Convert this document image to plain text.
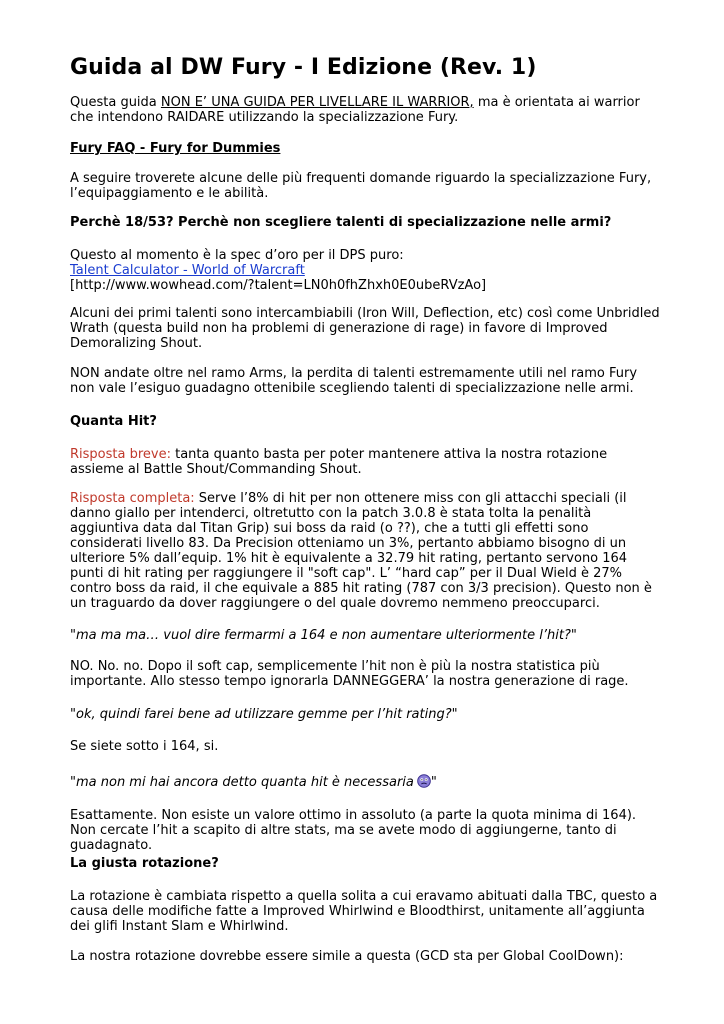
Guida al DW Fury - I Edizione (Rev. 1)

Questa guida NON E’ UNA GUIDA PER LIVELLARE IL WARRIOR, ma è orientata ai warrior che intendono RAIDARE utilizzando la specializzazione Fury.

Fury FAQ - Fury for Dummies

A seguire troverete alcune delle più frequenti domande riguardo la specializzazione Fury, l’equipaggiamento e le abilità.

Perchè 18/53? Perchè non scegliere talenti di specializzazione nelle armi?

Questo al momento è la spec d’oro per il DPS puro:
Talent Calculator - World of Warcraft
[http://www.wowhead.com/?talent=LN0h0fhZhxh0E0ubeRVzAo]

Alcuni dei primi talenti sono intercambiabili (Iron Will, Deflection, etc) così come Unbridled Wrath (questa build non ha problemi di generazione di rage) in favore di Improved Demoralizing Shout.

NON andate oltre nel ramo Arms, la perdita di talenti estremamente utili nel ramo Fury non vale l’esiguo guadagno ottenibile scegliendo talenti di specializzazione nelle armi.

Quanta Hit?

Risposta breve: tanta quanto basta per poter mantenere attiva la nostra rotazione assieme al Battle Shout/Commanding Shout.

Risposta completa: Serve l’8% di hit per non ottenere miss con gli attacchi speciali (il danno giallo per intenderci, oltretutto con la patch 3.0.8 è stata tolta la penalità aggiuntiva data dal Titan Grip) sui boss da raid (o ??), che a tutti gli effetti sono considerati livello 83. Da Precision otteniamo un 3%, pertanto abbiamo bisogno di un ulteriore 5% dall’equip. 1% hit è equivalente a 32.79 hit rating, pertanto servono 164 punti di hit rating per raggiungere il "soft cap". L’ “hard cap” per il Dual Wield è 27% contro boss da raid, il che equivale a 885 hit rating (787 con 3/3 precision). Questo non è un traguardo da dover raggiungere o del quale dovremo nemmeno preoccuparci.

"ma ma ma… vuol dire fermarmi a 164 e non aumentare ulteriormente l’hit?"

NO. No. no. Dopo il soft cap, semplicemente l’hit non è più la nostra statistica più importante. Allo stesso tempo ignorarla DANNEGGERA’ la nostra generazione di rage.

"ok, quindi farei bene ad utilizzare gemme per l’hit rating?"

Se siete sotto i 164, si.

"ma non mi hai ancora detto quanta hit è necessaria "

Esattamente. Non esiste un valore ottimo in assoluto (a parte la quota minima di 164). Non cercate l’hit a scapito di altre stats, ma se avete modo di aggiungerne, tanto di guadagnato.

La giusta rotazione?

La rotazione è cambiata rispetto a quella solita a cui eravamo abituati dalla TBC, questo a causa delle modifiche fatte a Improved Whirlwind e Bloodthirst, unitamente all’aggiunta dei glifi Instant Slam e Whirlwind.

La nostra rotazione dovrebbe essere simile a questa (GCD sta per Global CoolDown):
